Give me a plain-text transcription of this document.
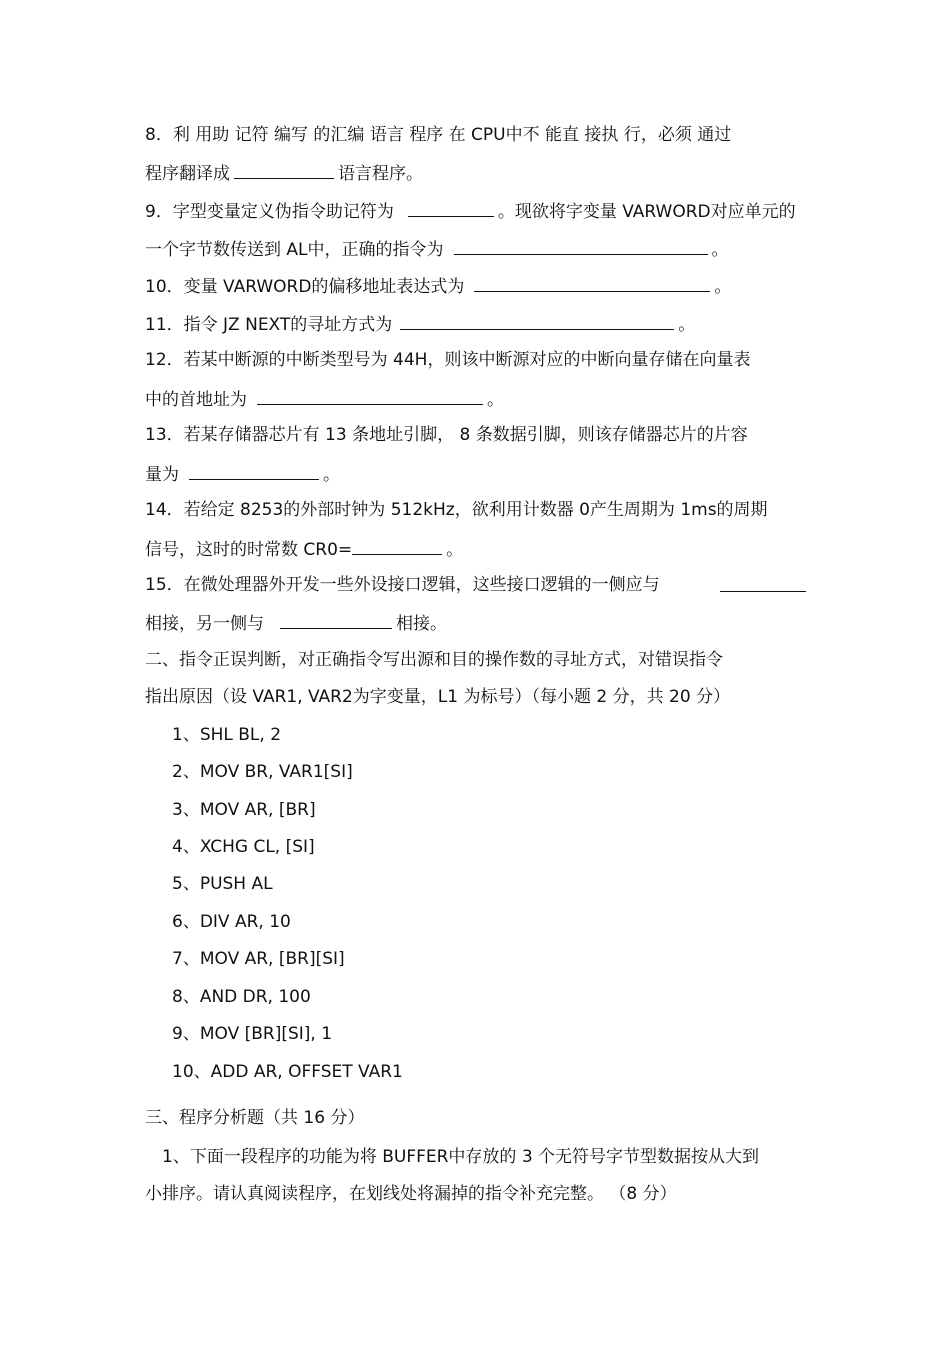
8．利 用助 记符 编写 的汇编 语言 程序 在 CPU中不 能直 接执 行，必须 通过
程序翻译成	语言程序。
9．字型变量定义伪指令助记符为	。现欲将字变量 VARWORD对应单元的
一个字节数传送到 AL中，正确的指令为	。
10．变量 VARWORD的偏移地址表达式为	。
11．指令 JZ NEXT的寻址方式为	。
12．若某中断源的中断类型号为 44H，则该中断源对应的中断向量存储在向量表
中的首地址为	。
13．若某存储器芯片有 13 条地址引脚， 8 条数据引脚，则该存储器芯片的片容
量为	。
14．若给定 8253的外部时钟为 512kHz，欲利用计数器 0产生周期为 1ms的周期
信号，这时的时常数 CR0=	。
15．在微处理器外开发一些外设接口逻辑，这些接口逻辑的一侧应与
相接，另一侧与	相接。
二、指令正误判断，对正确指令写出源和目的操作数的寻址方式，对错误指令
指出原因（设 VAR1, VAR2为字变量，L1 为标号）（每小题 2 分，共 20 分）
1、SHL BL, 2
2、MOV BR, VAR1[SI]
3、MOV AR, [BR]
4、XCHG CL, [SI]
5、PUSH AL
6、DIV AR, 10
7、MOV AR, [BR][SI]
8、AND DR, 100
9、MOV [BR][SI], 1
10、ADD AR, OFFSET VAR1
三、程序分析题（共 16 分）
1、下面一段程序的功能为将 BUFFER中存放的 3 个无符号字节型数据按从大到
小排序。请认真阅读程序，在划线处将漏掉的指令补充完整。 （8 分）
